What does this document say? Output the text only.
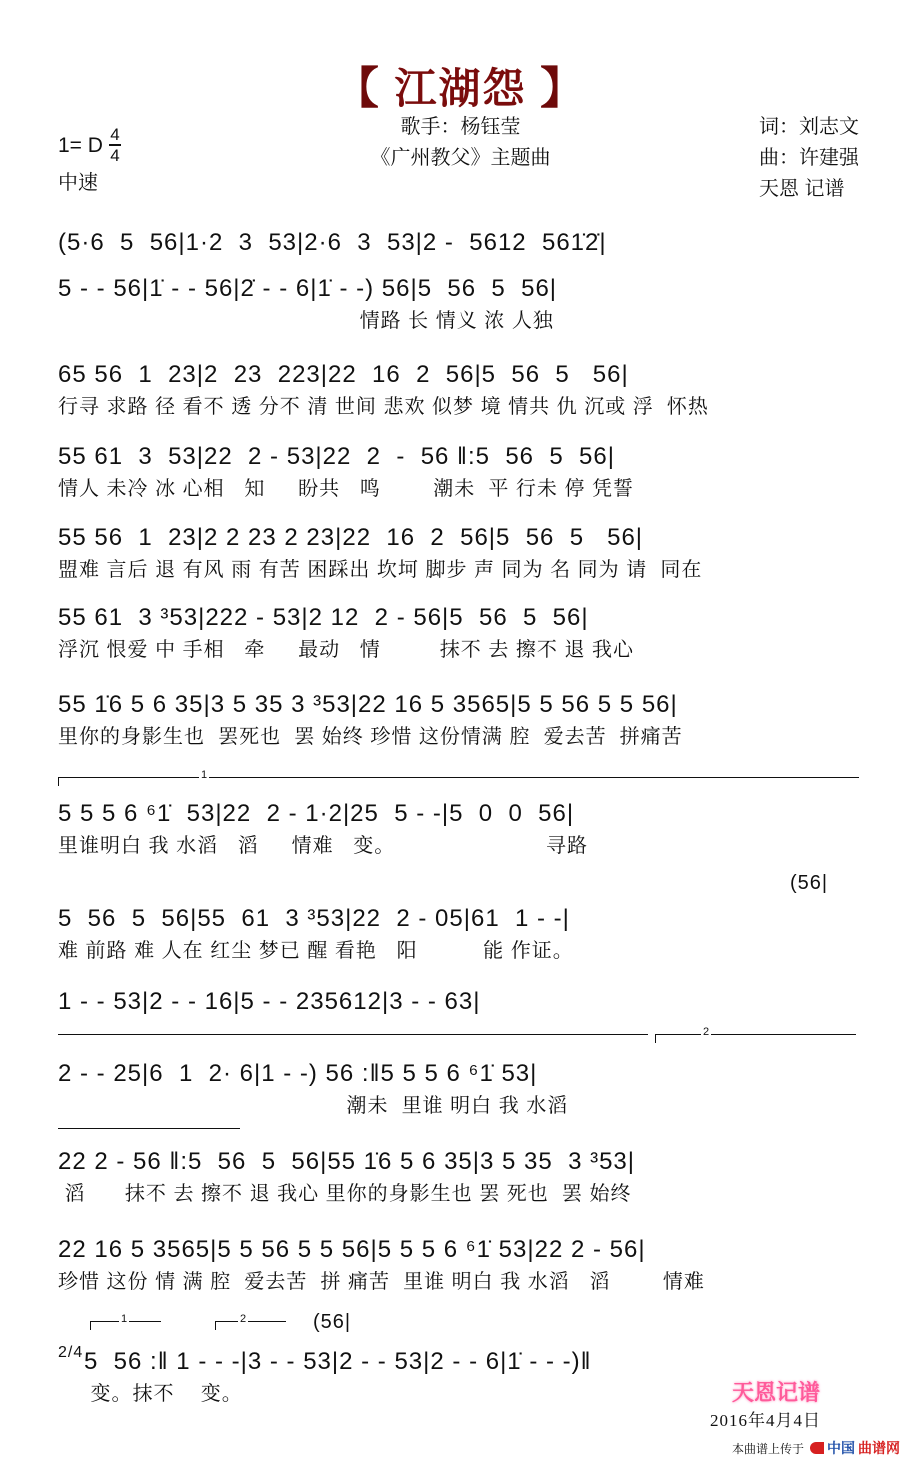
【 江湖怨 】
1= D $\frac{4}{4}$
中速
歌手：杨钰莹
《广州教父》主题曲
词：刘志文
曲：许建强
天恩 记谱
(5·6  5  56|1·2  3  53|2·6  3  53|2 -  5612  561̇2̇|
5 - - 56|1̇ - - 56|2̇ - - 6|1̇ - -) 56|5  56  5  56|
情路 长 情义 浓 人独
65 56  1  23|2  23  223|22  16  2  56|5  56  5   56|
行寻 求路 径 看不 透 分不 清 世间 悲欢 似梦 境 情共 仇 沉或 浮  怀热
55 61  3  53|22  2 - 53|22  2  -  56 ‖:5  56  5  56|
情人 未冷 冰 心相   知     盼共   鸣        潮未  平 行未 停 凭誓
55 56  1  23|2 2 23 2 23|22  16  2  56|5  56  5   56|
盟难 言后 退 有风 雨 有苦 困踩出 坎坷 脚步 声 同为 名 同为 请  同在
55 61  3 ³53|222 - 53|2 12  2 - 56|5  56  5  56|
浮沉 恨爱 中 手相   牵     最动   情         抹不 去 擦不 退 我心
55 1̇6 5 6 35|3 5 35 3 ³53|22 16 5 3565|5 5 56 5 5 56|
里你的身影生也  罢死也  罢 始终 珍惜 这份情满 腔  爱去苦  拼痛苦
1
5 5 5 6 ⁶1̇  53|22  2 - 1·2|25  5 - -|5  0  0  56|
里谁明白 我 水滔   滔     情难   变。                       寻路
(56|
5  56  5  56|55  61  3 ³53|22  2 - 05|61  1 - -|
难 前路 难 人在 红尘 梦已 醒 看艳   阳          能 作证。
1 - - 53|2 - - 16|5 - - 235612|3 - - 63|
2
2 - - 25|6  1  2· 6|1 - -) 56 :‖5 5 5 6 ⁶1̇ 53|
潮未  里谁 明白 我 水滔
22 2 - 56 ‖:5  56  5  56|55 1̇6 5 6 35|3 5 35  3 ³53|
滔      抹不 去 擦不 退 我心 里你的身影生也 罢 死也  罢 始终
22 16 5 3565|5 5 56 5 5 56|5 5 5 6 ⁶1̇ 53|22 2 - 56|
珍惜 这份 情 满 腔  爱去苦  拼 痛苦  里谁 明白 我 水滔   滔        情难
1	2	(56|
2/4 5  56 :‖ 1 - - -|3 - - 53|2 - - 53|2 - - 6|1̇ - - -)‖
变。抹不    变。	天恩记谱
2016年4月4日
本曲谱上传于 中国 曲谱网
